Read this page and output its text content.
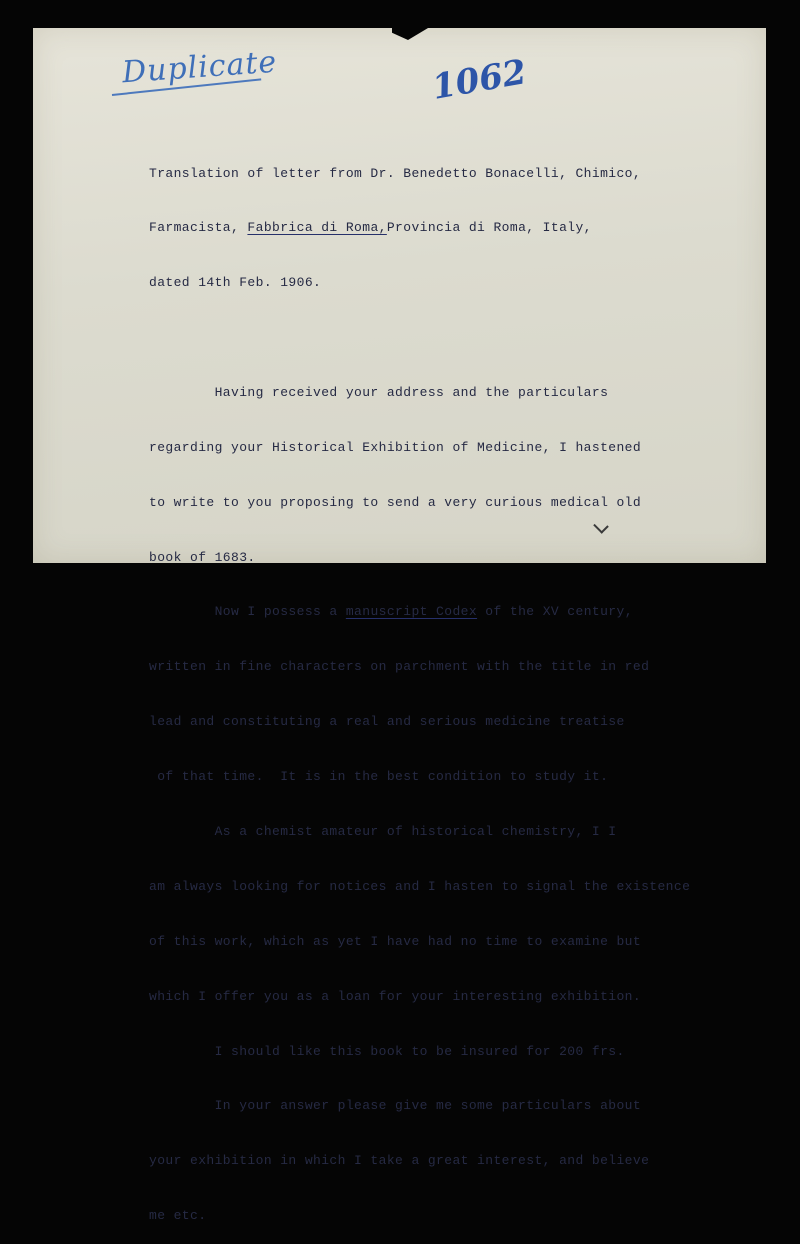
Duplicate	1062

Translation of letter from Dr. Benedetto Bonacelli, Chimico,

Farmacista, Fabbrica di Roma,Provincia di Roma, Italy,

dated 14th Feb. 1906.

Having received your address and the particulars

regarding your Historical Exhibition of Medicine, I hastened

to write to you proposing to send a very curious medical old

book of 1683.

Now I possess a manuscript Codex of the XV century,

written in fine characters on parchment with the title in red

lead and constituting a real and serious medicine treatise

of that time.  It is in the best condition to study it.

As a chemist amateur of historical chemistry, I I

am always looking for notices and I hasten to signal the existence

of this work, which as yet I have had no time to examine but

which I offer you as a loan for your interesting exhibition.

I should like this book to be insured for 200 frs.

In your answer please give me some particulars about

your exhibition in which I take a great interest, and believe

me etc.
